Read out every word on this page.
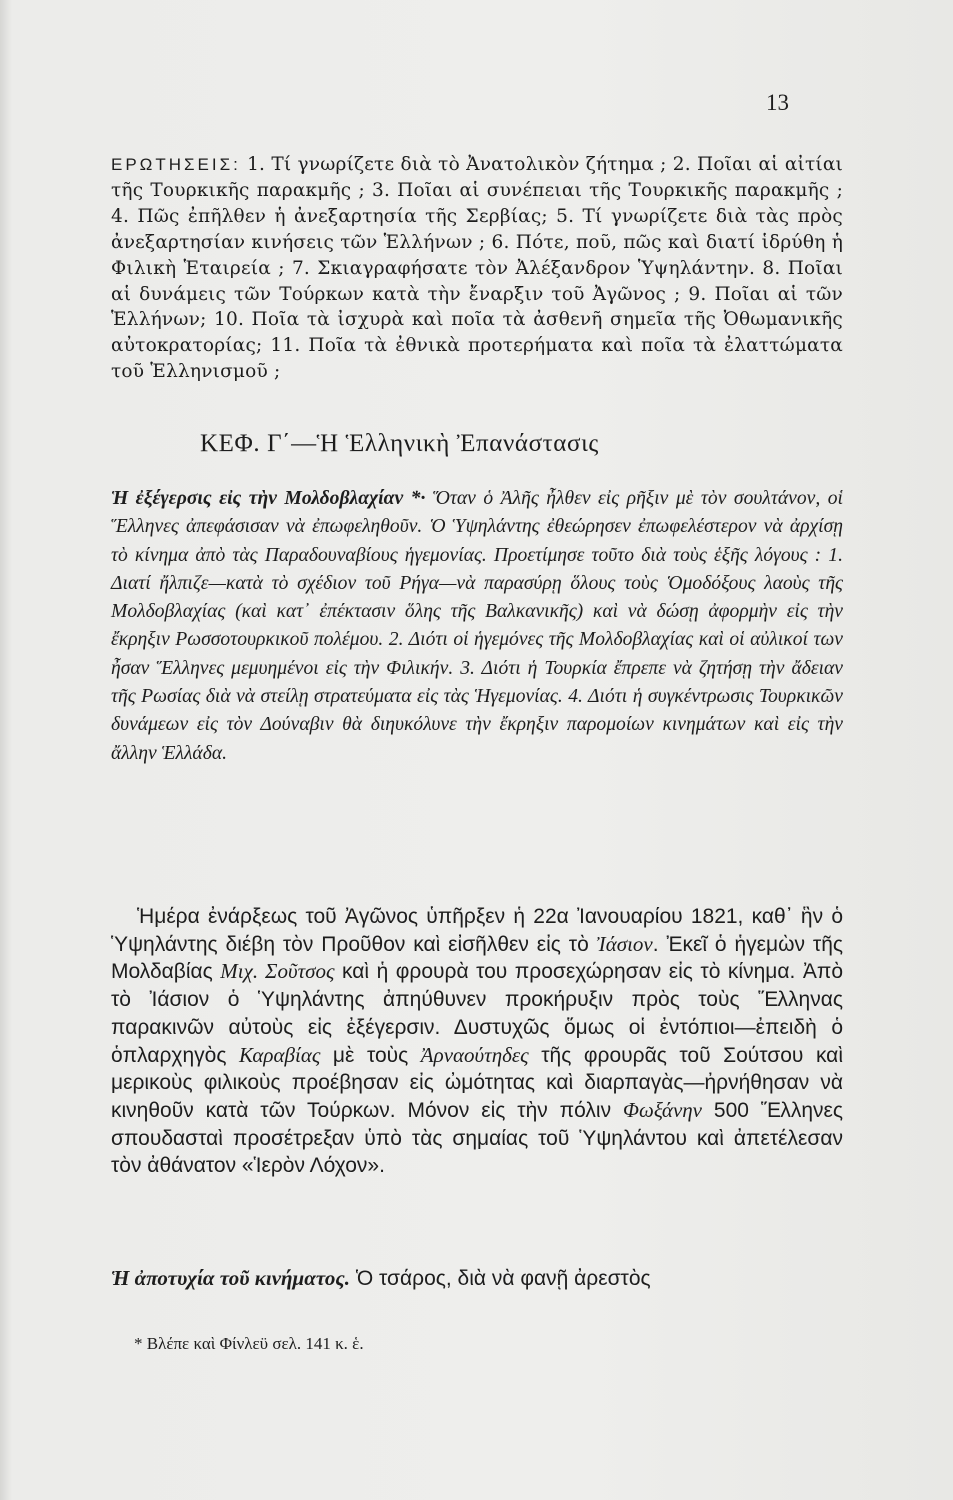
13

ΕΡΩΤΗΣΕΙΣ: 1. Τί γνωρίζετε διὰ τὸ Ἀνατολικὸν ζήτημα ; 2. Ποῖαι αἱ αἰτίαι τῆς Τουρκικῆς παρακμῆς ; 3. Ποῖαι αἱ συνέπειαι τῆς Τουρκικῆς παρακμῆς ; 4. Πῶς ἐπῆλθεν ἡ ἀνεξαρτησία τῆς Σερβίας; 5. Τί γνωρίζετε διὰ τὰς πρὸς ἀνεξαρτησίαν κινήσεις τῶν Ἑλλήνων ; 6. Πότε, ποῦ, πῶς καὶ διατί ἱδρύθη ἡ Φιλικὴ Ἑταιρεία ; 7. Σκιαγραφήσατε τὸν Ἀλέξανδρον Ὑψηλάντην. 8. Ποῖαι αἱ δυνάμεις τῶν Τούρκων κατὰ τὴν ἔναρξιν τοῦ Ἀγῶνος ; 9. Ποῖαι αἱ τῶν Ἑλλήνων; 10. Ποῖα τὰ ἰσχυρὰ καὶ ποῖα τὰ ἀσθενῆ σημεῖα τῆς Ὀθωμανικῆς αὐτοκρατορίας; 11. Ποῖα τὰ ἐθνικὰ προτερήματα καὶ ποῖα τὰ ἐλαττώματα τοῦ Ἑλληνισμοῦ ;

ΚΕΦ. Γ΄—Ἡ Ἑλληνικὴ Ἐπανάστασις

Ἡ ἐξέγερσις εἰς τὴν Μολδοβλαχίαν *· Ὅταν ὁ Ἀλῆς ἦλθεν εἰς ρῆξιν μὲ τὸν σουλτάνον, οἱ Ἕλληνες ἀπεφάσισαν νὰ ἐπωφεληθοῦν. Ὁ Ὑψηλάντης ἐθεώρησεν ἐπωφελέστερον νὰ ἀρχίσῃ τὸ κίνημα ἀπὸ τὰς Παραδουναβίους ἡγεμονίας. Προετίμησε τοῦτο διὰ τοὺς ἑξῆς λόγους : 1. Διατί ἤλπιζε—κατὰ τὸ σχέδιον τοῦ Ρήγα—νὰ παρασύρῃ ὅλους τοὺς Ὁμοδόξους λαοὺς τῆς Μολδοβλαχίας (καὶ κατ᾿ ἐπέκτασιν ὅλης τῆς Βαλκανικῆς) καὶ νὰ δώσῃ ἀφορμὴν εἰς τὴν ἔκρηξιν Ρωσσοτουρκικοῦ πολέμου. 2. Διότι οἱ ἡγεμόνες τῆς Μολδοβλαχίας καὶ οἱ αὐλικοί των ἦσαν Ἕλληνες μεμυημένοι εἰς τὴν Φιλικήν. 3. Διότι ἡ Τουρκία ἔπρεπε νὰ ζητήσῃ τὴν ἄδειαν τῆς Ρωσίας διὰ νὰ στείλῃ στρατεύματα εἰς τὰς Ἡγεμονίας. 4. Διότι ἡ συγκέντρωσις Τουρκικῶν δυνάμεων εἰς τὸν Δούναβιν θὰ διηυκόλυνε τὴν ἔκρηξιν παρομοίων κινημάτων καὶ εἰς τὴν ἄλλην Ἑλλάδα.

Ἡμέρα ἐνάρξεως τοῦ Ἀγῶνος ὑπῆρξεν ἡ 22α Ἰανουαρίου 1821, καθ᾿ ἣν ὁ Ὑψηλάντης διέβη τὸν Προῦθον καὶ εἰσῆλθεν εἰς τὸ Ἰάσιον. Ἐκεῖ ὁ ἡγεμὼν τῆς Μολδαβίας Μιχ. Σοῦτσος καὶ ἡ φρουρὰ του προσεχώρησαν εἰς τὸ κίνημα. Ἀπὸ τὸ Ἰάσιον ὁ Ὑψηλάντης ἀπηύθυνεν προκήρυξιν πρὸς τοὺς Ἕλληνας παρακινῶν αὐτοὺς εἰς ἐξέγερσιν. Δυστυχῶς ὅμως οἱ ἐντόπιοι—ἐπειδὴ ὁ ὁπλαρχηγὸς Καραβίας μὲ τοὺς Ἀρναούτηδες τῆς φρουρᾶς τοῦ Σούτσου καὶ μερικοὺς φιλικοὺς προέβησαν εἰς ὠμότητας καὶ διαρπαγὰς—ἠρνήθησαν νὰ κινηθοῦν κατὰ τῶν Τούρκων. Μόνον εἰς τὴν πόλιν Φωξάνην 500 Ἕλληνες σπουδασταὶ προσέτρεξαν ὑπὸ τὰς σημαίας τοῦ Ὑψηλάντου καὶ ἀπετέλεσαν τὸν ἀθάνατον «Ἱερὸν Λόχον».

Ἡ ἀποτυχία τοῦ κινήματος. Ὁ τσάρος, διὰ νὰ φανῇ ἀρεστὸς

* Βλέπε καὶ Φίνλεϋ σελ. 141 κ. ἑ.
